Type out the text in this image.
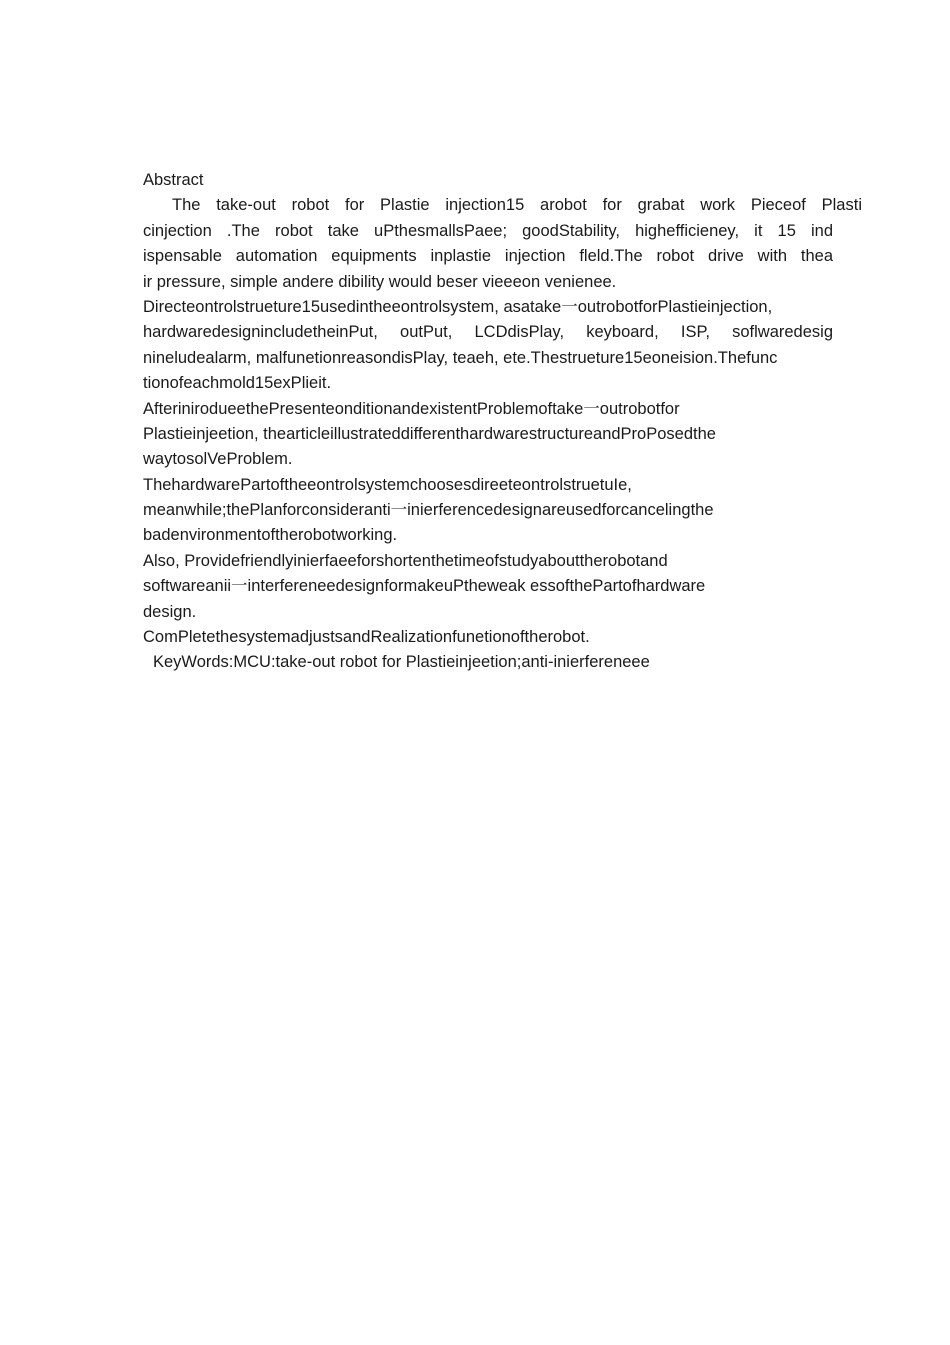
Abstract
The take-out robot for Plastie injection15 arobot for grabat work Pieceof Plasti
cinjection .The robot take uPthesmallsPaee; goodStability, highefficieney, it 15 ind
ispensable automation equipments inplastie injection fleld.The robot drive with thea
ir pressure, simple andere dibility would beser vieeeon venienee.
Directeontrolstrueture15usedintheeontrolsystem, asatake一outrobotforPlastieinjection,
hardwaredesignincludetheinPut, outPut, LCDdisPlay, keyboard, ISP, soflwaredesig
nineludealarm, malfunetionreasondisPlay, teaeh, ete.Thestrueture15eoneision.Thefunc
tionofeachmold15exPlieit.
AfterinirodueethePresenteonditionandexistentProblemoftake一outrobotfor
Plastieinjeetion, thearticleillustrateddifferenthardwarestructureandProPosedthe
waytosolVeProblem.
ThehardwarePartoftheeontrolsystemchoosesdireeteontrolstruetuIe,
meanwhile;thePlanforconsideranti一inierferencedesignareusedforcancelingthe
badenvironmentoftherobotworking.
Also, Providefriendlyinierfaeeforshortenthetimeofstudyabouttherobotand
softwareanii一interfereneedesignformakeuPtheweak essofthePartofhardware
design.
ComPletethesystemadjustsandRealizationfunetionoftherobot.
KeyWords:MCU:take-out robot for Plastieinjeetion;anti-inierfereneee
